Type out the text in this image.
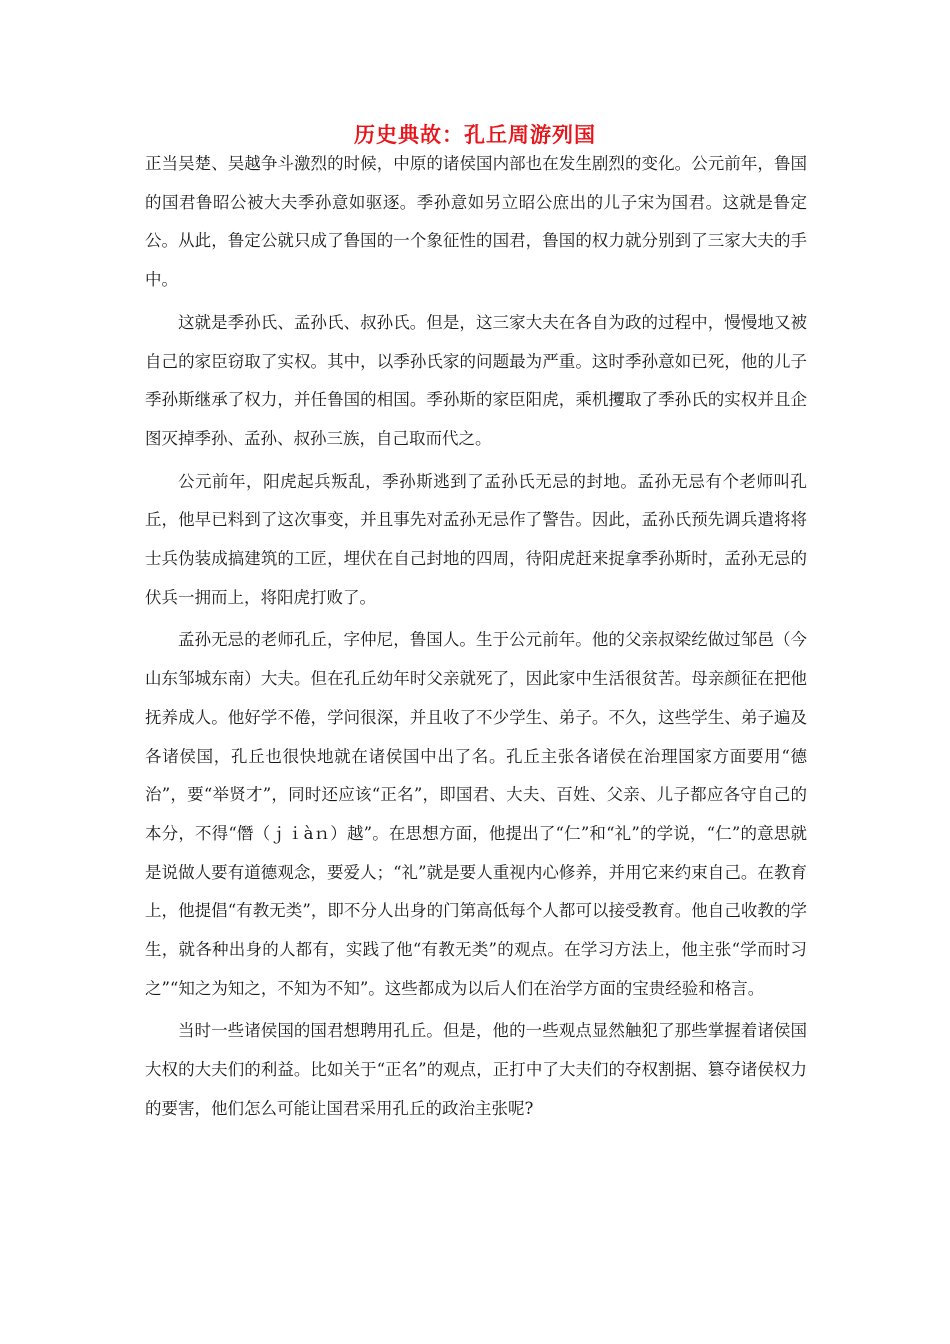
历史典故：孔丘周游列国

正当吴楚、吴越争斗激烈的时候，中原的诸侯国内部也在发生剧烈的变化。公元前年，鲁国的国君鲁昭公被大夫季孙意如驱逐。季孙意如另立昭公庶出的儿子宋为国君。这就是鲁定公。从此，鲁定公就只成了鲁国的一个象征性的国君，鲁国的权力就分别到了三家大夫的手中。

这就是季孙氏、孟孙氏、叔孙氏。但是，这三家大夫在各自为政的过程中，慢慢地又被自己的家臣窃取了实权。其中，以季孙氏家的问题最为严重。这时季孙意如已死，他的儿子季孙斯继承了权力，并任鲁国的相国。季孙斯的家臣阳虎，乘机攫取了季孙氏的实权并且企图灭掉季孙、孟孙、叔孙三族，自己取而代之。

公元前年，阳虎起兵叛乱，季孙斯逃到了孟孙氏无忌的封地。孟孙无忌有个老师叫孔丘，他早已料到了这次事变，并且事先对孟孙无忌作了警告。因此，孟孙氏预先调兵遣将将士兵伪装成搞建筑的工匠，埋伏在自己封地的四周，待阳虎赶来捉拿季孙斯时，孟孙无忌的伏兵一拥而上，将阳虎打败了。

孟孙无忌的老师孔丘，字仲尼，鲁国人。生于公元前年。他的父亲叔梁纥做过邹邑（今山东邹城东南）大夫。但在孔丘幼年时父亲就死了，因此家中生活很贫苦。母亲颜征在把他抚养成人。他好学不倦，学问很深，并且收了不少学生、弟子。不久，这些学生、弟子遍及各诸侯国，孔丘也很快地就在诸侯国中出了名。孔丘主张各诸侯在治理国家方面要用“德治”，要“举贤才”，同时还应该“正名”，即国君、大夫、百姓、父亲、儿子都应各守自己的本分，不得“僭（ｊｉàｎ）越”。在思想方面，他提出了“仁”和“礼”的学说，“仁”的意思就是说做人要有道德观念，要爱人；“礼”就是要人重视内心修养，并用它来约束自己。在教育上，他提倡“有教无类”，即不分人出身的门第高低每个人都可以接受教育。他自己收教的学生，就各种出身的人都有，实践了他“有教无类”的观点。在学习方法上，他主张“学而时习之”“知之为知之，不知为不知”。这些都成为以后人们在治学方面的宝贵经验和格言。

当时一些诸侯国的国君想聘用孔丘。但是，他的一些观点显然触犯了那些掌握着诸侯国大权的大夫们的利益。比如关于“正名”的观点，正打中了大夫们的夺权割据、篡夺诸侯权力的要害，他们怎么可能让国君采用孔丘的政治主张呢?
